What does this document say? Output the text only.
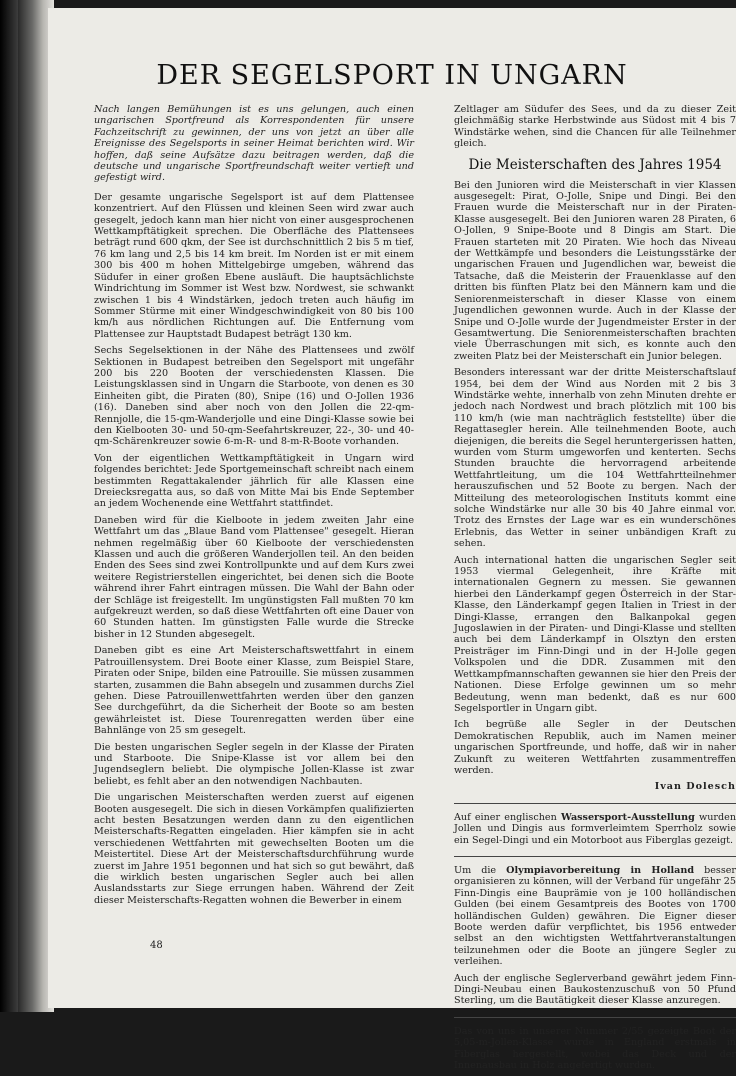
DER SEGELSPORT IN UNGARN

Nach langen Bemühungen ist es uns gelungen, auch einen ungarischen Sportfreund als Korrespondenten für unsere Fachzeitschrift zu gewinnen, der uns von jetzt an über alle Ereignisse des Segelsports in seiner Heimat berichten wird. Wir hoffen, daß seine Aufsätze dazu beitragen werden, daß die deutsche und ungarische Sportfreundschaft weiter vertieft und gefestigt wird.

Der gesamte ungarische Segelsport ist auf dem Plattensee konzentriert. Auf den Flüssen und kleinen Seen wird zwar auch gesegelt, jedoch kann man hier nicht von einer ausgesprochenen Wettkampftätigkeit sprechen. Die Oberfläche des Plattensees beträgt rund 600 qkm, der See ist durchschnittlich 2 bis 5 m tief, 76 km lang und 2,5 bis 14 km breit. Im Norden ist er mit einem 300 bis 400 m hohen Mittelgebirge umgeben, während das Südufer in einer großen Ebene ausläuft. Die hauptsächlichste Windrichtung im Sommer ist West bzw. Nordwest, sie schwankt zwischen 1 bis 4 Windstärken, jedoch treten auch häufig im Sommer Stürme mit einer Windgeschwindigkeit von 80 bis 100 km/h aus nördlichen Richtungen auf. Die Entfernung vom Plattensee zur Hauptstadt Budapest beträgt 130 km.

Sechs Segelsektionen in der Nähe des Plattensees und zwölf Sektionen in Budapest betreiben den Segelsport mit ungefähr 200 bis 220 Booten der verschiedensten Klassen. Die Leistungsklassen sind in Ungarn die Starboote, von denen es 30 Einheiten gibt, die Piraten (80), Snipe (16) und O-Jollen 1936 (16). Daneben sind aber noch von den Jollen die 22-qm-Rennjolle, die 15-qm-Wanderjolle und eine Dingi-Klasse sowie bei den Kielbooten 30- und 50-qm-Seefahrtskreuzer, 22-, 30- und 40-qm-Schärenkreuzer sowie 6-m-R- und 8-m-R-Boote vorhanden.

Von der eigentlichen Wettkampftätigkeit in Ungarn wird folgendes berichtet: Jede Sportgemeinschaft schreibt nach einem bestimmten Regattakalender jährlich für alle Klassen eine Dreiecksregatta aus, so daß von Mitte Mai bis Ende September an jedem Wochenende eine Wettfahrt stattfindet.

Daneben wird für die Kielboote in jedem zweiten Jahr eine Wettfahrt um das „Blaue Band vom Plattensee" gesegelt. Hieran nehmen regelmäßig über 60 Kielboote der verschiedensten Klassen und auch die größeren Wanderjollen teil. An den beiden Enden des Sees sind zwei Kontrollpunkte und auf dem Kurs zwei weitere Registrierstellen eingerichtet, bei denen sich die Boote während ihrer Fahrt eintragen müssen. Die Wahl der Bahn oder der Schläge ist freigestellt. Im ungünstigsten Fall mußten 70 km aufgekreuzt werden, so daß diese Wettfahrten oft eine Dauer von 60 Stunden hatten. Im günstigsten Falle wurde die Strecke bisher in 12 Stunden abgesegelt.

Daneben gibt es eine Art Meisterschaftswettfahrt in einem Patrouillensystem. Drei Boote einer Klasse, zum Beispiel Stare, Piraten oder Snipe, bilden eine Patrouille. Sie müssen zusammen starten, zusammen die Bahn absegeln und zusammen durchs Ziel gehen. Diese Patrouillenwettfahrten werden über den ganzen See durchgeführt, da die Sicherheit der Boote so am besten gewährleistet ist. Diese Tourenregatten werden über eine Bahnlänge von 25 sm gesegelt.

Die besten ungarischen Segler segeln in der Klasse der Piraten und Starboote. Die Snipe-Klasse ist vor allem bei den Jugendseglern beliebt. Die olympische Jollen-Klasse ist zwar beliebt, es fehlt aber an den notwendigen Nachbauten.

Die ungarischen Meisterschaften werden zuerst auf eigenen Booten ausgesegelt. Die sich in diesen Vorkämpfen qualifizierten acht besten Besatzungen werden dann zu den eigentlichen Meisterschafts-Regatten eingeladen. Hier kämpfen sie in acht verschiedenen Wettfahrten mit gewechselten Booten um die Meistertitel. Diese Art der Meisterschaftsdurchführung wurde zuerst im Jahre 1951 begonnen und hat sich so gut bewährt, daß die wirklich besten ungarischen Segler auch bei allen Auslandsstarts zur Siege errungen haben. Während der Zeit dieser Meisterschafts-Regatten wohnen die Bewerber in einem

Zeltlager am Südufer des Sees, und da zu dieser Zeit gleichmäßig starke Herbstwinde aus Südost mit 4 bis 7 Windstärke wehen, sind die Chancen für alle Teilnehmer gleich.

Die Meisterschaften des Jahres 1954

Bei den Junioren wird die Meisterschaft in vier Klassen ausgesegelt: Pirat, O-Jolle, Snipe und Dingi. Bei den Frauen wurde die Meisterschaft nur in der Piraten-Klasse ausgesegelt. Bei den Junioren waren 28 Piraten, 6 O-Jollen, 9 Snipe-Boote und 8 Dingis am Start. Die Frauen starteten mit 20 Piraten. Wie hoch das Niveau der Wettkämpfe und besonders die Leistungsstärke der ungarischen Frauen und Jugendlichen war, beweist die Tatsache, daß die Meisterin der Frauenklasse auf den dritten bis fünften Platz bei den Männern kam und die Seniorenmeisterschaft in dieser Klasse von einem Jugendlichen gewonnen wurde. Auch in der Klasse der Snipe und O-Jolle wurde der Jugendmeister Erster in der Gesamtwertung. Die Seniorenmeisterschaften brachten viele Überraschungen mit sich, es konnte auch den zweiten Platz bei der Meisterschaft ein Junior belegen.

Besonders interessant war der dritte Meisterschaftslauf 1954, bei dem der Wind aus Norden mit 2 bis 3 Windstärke wehte, innerhalb von zehn Minuten drehte er jedoch nach Nordwest und brach plötzlich mit 100 bis 110 km/h (wie man nachträglich feststellte) über die Regattasegler herein. Alle teilnehmenden Boote, auch diejenigen, die bereits die Segel heruntergerissen hatten, wurden vom Sturm umgeworfen und kenterten. Sechs Stunden brauchte die hervorragend arbeitende Wettfahrtleitung, um die 104 Wettfahrtteilnehmer herauszufischen und 52 Boote zu bergen. Nach der Mitteilung des meteorologischen Instituts kommt eine solche Windstärke nur alle 30 bis 40 Jahre einmal vor. Trotz des Ernstes der Lage war es ein wunderschönes Erlebnis, das Wetter in seiner unbändigen Kraft zu sehen.

Auch international hatten die ungarischen Segler seit 1953 viermal Gelegenheit, ihre Kräfte mit internationalen Gegnern zu messen. Sie gewannen hierbei den Länderkampf gegen Österreich in der Star-Klasse, den Länderkampf gegen Italien in Triest in der Dingi-Klasse, errangen den Balkanpokal gegen Jugoslawien in der Piraten- und Dingi-Klasse und stellten auch bei dem Länderkampf in Olsztyn den ersten Preisträger im Finn-Dingi und in der H-Jolle gegen Volkspolen und die DDR. Zusammen mit den Wettkampfmannschaften gewannen sie hier den Preis der Nationen. Diese Erfolge gewinnen um so mehr Bedeutung, wenn man bedenkt, daß es nur 600 Segelsportler in Ungarn gibt.

Ich begrüße alle Segler in der Deutschen Demokratischen Republik, auch im Namen meiner ungarischen Sportfreunde, und hoffe, daß wir in naher Zukunft zu weiteren Wettfahrten zusammentreffen werden.

Ivan Dolesch

Auf einer englischen Wassersport-Ausstellung wurden Jollen und Dingis aus formverleimtem Sperrholz sowie ein Segel-Dingi und ein Motorboot aus Fiberglas gezeigt.

Um die Olympiavorbereitung in Holland besser organisieren zu können, will der Verband für ungefähr 25 Finn-Dingis eine Bauprämie von je 100 holländischen Gulden (bei einem Gesamtpreis des Bootes von 1700 holländischen Gulden) gewähren. Die Eigner dieser Boote werden dafür verpflichtet, bis 1956 entweder selbst an den wichtigsten Wettfahrtveranstaltungen teilzunehmen oder die Boote an jüngere Segler zu verleihen.

Auch der englische Seglerverband gewährt jedem Finn-Dingi-Neubau einen Baukostenzuschuß von 50 Pfund Sterling, um die Bautätigkeit dieser Klasse anzuregen.

Das von uns in unserer Nummer 2/55 gezeigte Boot der 5,05-m-Jollen-Klasse wurde in England erstmals in Fiberglas hergestellt, wobei das Deck und der Innenausbau in Holz angefertigt wurden.

48
